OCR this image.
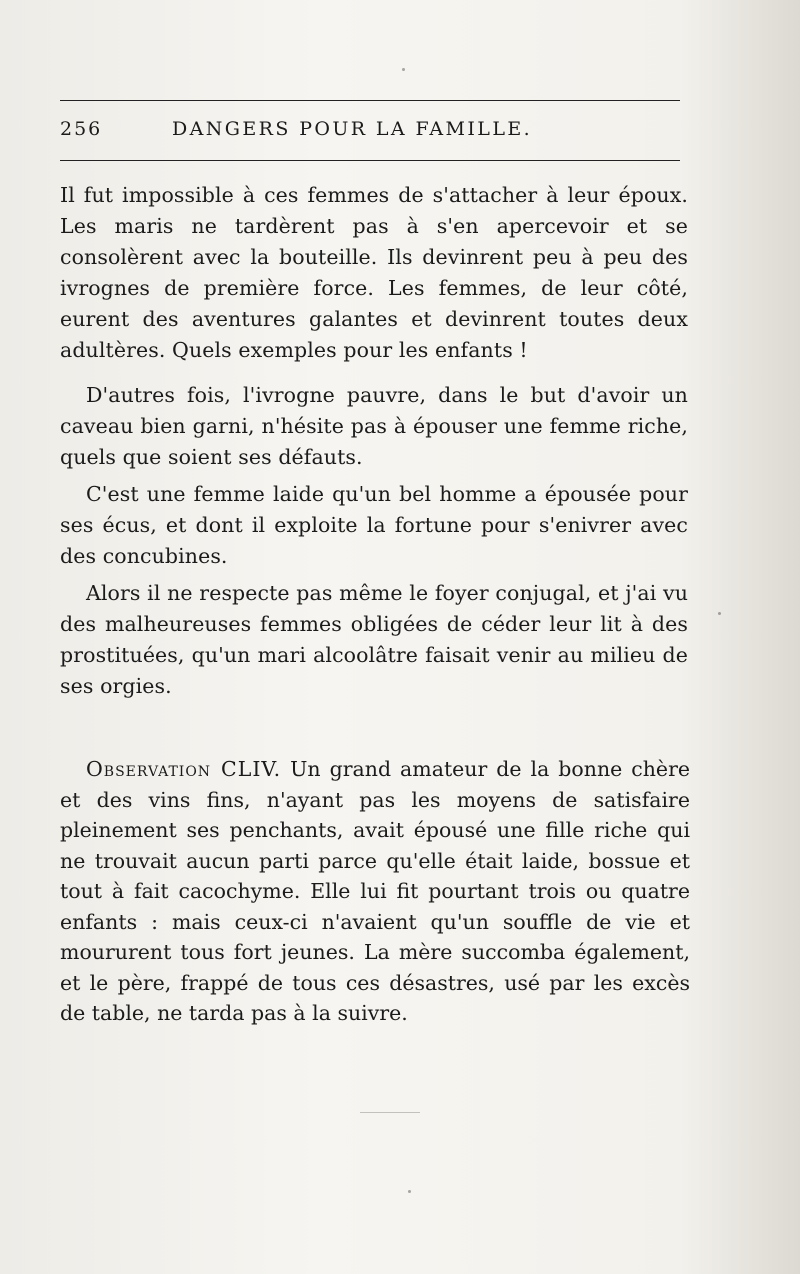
256	DANGERS POUR LA FAMILLE.

Il fut impossible à ces femmes de s'attacher à leur époux. Les maris ne tardèrent pas à s'en apercevoir et se consolèrent avec la bouteille. Ils devinrent peu à peu des ivrognes de première force. Les femmes, de leur côté, eurent des aventures galantes et devinrent toutes deux adultères. Quels exemples pour les enfants !

D'autres fois, l'ivrogne pauvre, dans le but d'avoir un caveau bien garni, n'hésite pas à épouser une femme riche, quels que soient ses défauts.

C'est une femme laide qu'un bel homme a épousée pour ses écus, et dont il exploite la fortune pour s'enivrer avec des concubines.

Alors il ne respecte pas même le foyer conjugal, et j'ai vu des malheureuses femmes obligées de céder leur lit à des prostituées, qu'un mari alcoolâtre faisait venir au milieu de ses orgies.

Observation CLIV. Un grand amateur de la bonne chère et des vins fins, n'ayant pas les moyens de satisfaire pleinement ses penchants, avait épousé une fille riche qui ne trouvait aucun parti parce qu'elle était laide, bossue et tout à fait cacochyme. Elle lui fit pourtant trois ou quatre enfants : mais ceux-ci n'avaient qu'un souffle de vie et moururent tous fort jeunes. La mère succomba également, et le père, frappé de tous ces désastres, usé par les excès de table, ne tarda pas à la suivre.
